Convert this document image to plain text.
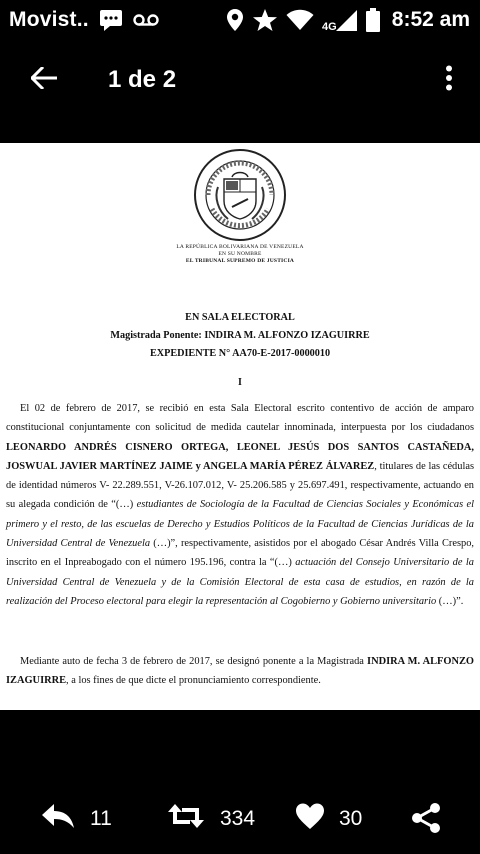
Movist..	4G	8:52 am
1 de 2
LA REPÚBLICA BOLIVARIANA DE VENEZUELA
EN SU NOMBRE
EL TRIBUNAL SUPREMO DE JUSTICIA
EN SALA ELECTORAL
Magistrada Ponente: INDIRA M. ALFONZO IZAGUIRRE
EXPEDIENTE N° AA70-E-2017-0000010
I
El 02 de febrero de 2017, se recibió en esta Sala Electoral escrito contentivo de acción de amparo constitucional conjuntamente con solicitud de medida cautelar innominada, interpuesta por los ciudadanos LEONARDO ANDRÉS CISNERO ORTEGA, LEONEL JESÚS DOS SANTOS CASTAÑEDA, JOSWUAL JAVIER MARTÍNEZ JAIME y ANGELA MARÍA PÉREZ ÁLVAREZ, titulares de las cédulas de identidad números V- 22.289.551, V-26.107.012, V- 25.206.585 y 25.697.491, respectivamente, actuando en su alegada condición de “(…) estudiantes de Sociología de la Facultad de Ciencias Sociales y Económicas el primero y el resto, de las escuelas de Derecho y Estudios Políticos de la Facultad de Ciencias Jurídicas de la Universidad Central de Venezuela (…)”, respectivamente, asistidos por el abogado César Andrés Villa Crespo, inscrito en el Inpreabogado con el número 195.196, contra la “(…) actuación del Consejo Universitario de la Universidad Central de Venezuela y de la Comisión Electoral de esta casa de estudios, en razón de la realización del Proceso electoral para elegir la representación al Cogobierno y Gobierno universitario (…)”.
Mediante auto de fecha 3 de febrero de 2017, se designó ponente a la Magistrada INDIRA M. ALFONZO IZAGUIRRE, a los fines de que dicte el pronunciamiento correspondiente.
11	334	30
